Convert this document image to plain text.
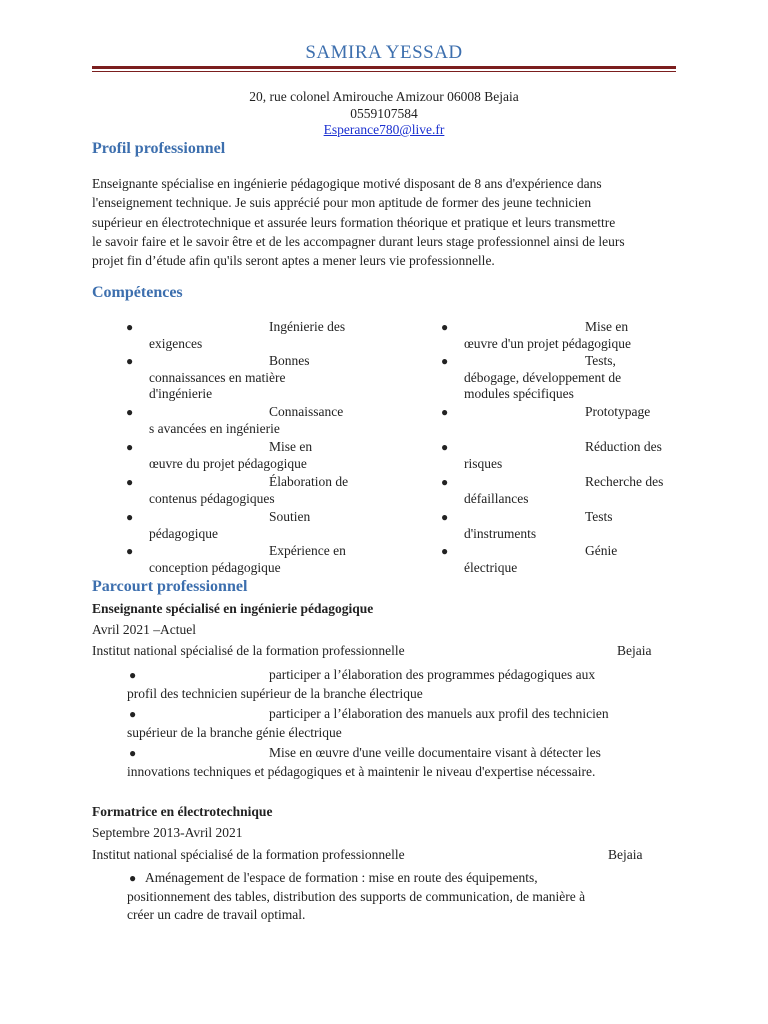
SAMIRA YESSAD
20, rue colonel Amirouche Amizour 06008 Bejaia
0559107584
Esperance780@live.fr
Profil professionnel
Enseignante spécialise en ingénierie pédagogique motivé disposant de 8 ans d'expérience dans
l'enseignement technique. Je suis apprécié pour mon aptitude de former des jeune technicien
supérieur en électrotechnique et assurée leurs formation théorique et pratique et leurs transmettre
le savoir faire et le savoir être et de les accompagner durant leurs stage professionnel ainsi de leurs
projet fin d’étude afin qu'ils seront aptes a mener leurs vie professionnelle.
Compétences
●	Ingénierie des
exigences
●	Bonnes
connaissances en matière
d'ingénierie
●	Connaissance
s avancées en ingénierie
●	Mise en
œuvre du projet pédagogique
●	Élaboration de
contenus pédagogiques
●	Soutien
pédagogique
●	Expérience en
conception pédagogique
●	Mise en
œuvre d'un projet pédagogique
●	Tests,
débogage, développement de
modules spécifiques
●	Prototypage
●	Réduction des
risques
●	Recherche des
défaillances
●	Tests
d'instruments
●	Génie
électrique
Parcourt professionnel
Enseignante spécialisé en ingénierie pédagogique
Avril 2021 –Actuel
Institut national spécialisé de la formation professionnelle	Bejaia
●	participer a l’élaboration des programmes pédagogiques aux
profil des technicien supérieur de la branche électrique
●	participer a l’élaboration des manuels aux profil des technicien
supérieur de la branche génie électrique
●	Mise en œuvre d'une veille documentaire visant à détecter les
innovations techniques et pédagogiques et à maintenir le niveau d'expertise nécessaire.
Formatrice en électrotechnique
Septembre 2013-Avril 2021
Institut national spécialisé de la formation professionnelle	Bejaia
● Aménagement de l'espace de formation : mise en route des équipements,
positionnement des tables, distribution des supports de communication, de manière à
créer un cadre de travail optimal.
